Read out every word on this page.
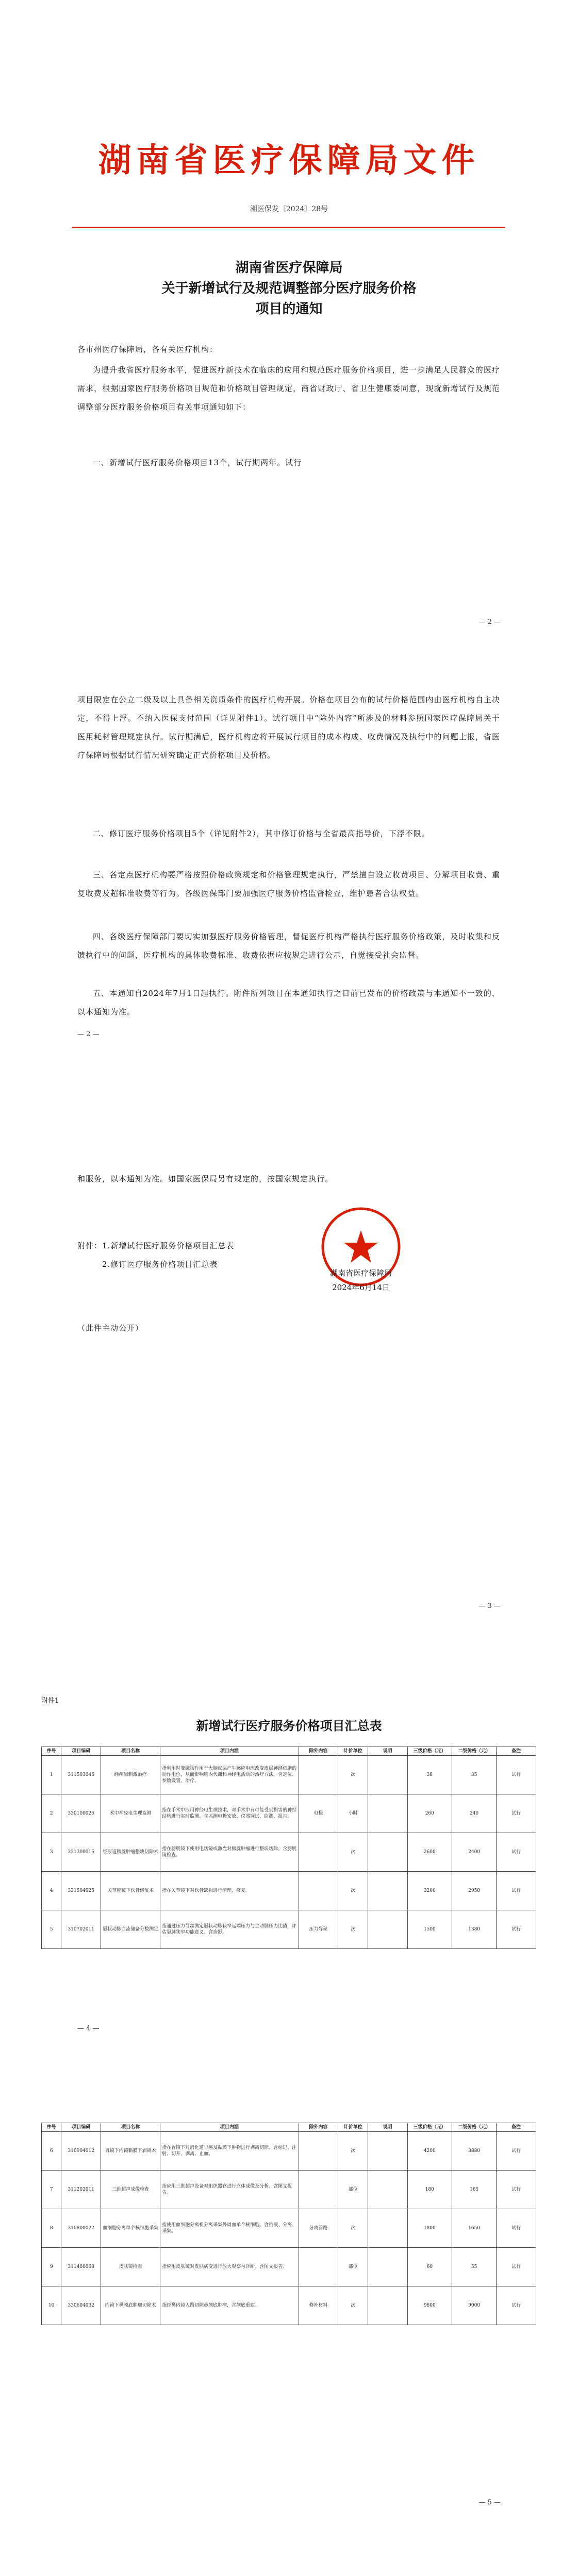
湖南省医疗保障局文件
湘医保发〔2024〕28号
湖南省医疗保障局
关于新增试行及规范调整部分医疗服务价格
项目的通知
各市州医疗保障局，各有关医疗机构：
为提升我省医疗服务水平，促进医疗新技术在临床的应用和规范医疗服务价格项目，进一步满足人民群众的医疗需求，根据国家医疗服务价格项目规范和价格项目管理规定，商省财政厅、省卫生健康委同意，现就新增试行及规范调整部分医疗服务价格项目有关事项通知如下：
一、新增试行医疗服务价格项目13个，试行期两年。试行
— 2 —
项目限定在公立二级及以上具备相关资质条件的医疗机构开展。价格在项目公布的试行价格范围内由医疗机构自主决定，不得上浮。不纳入医保支付范围（详见附件1）。试行项目中“除外内容”所涉及的材料参照国家医疗保障局关于医用耗材管理规定执行。试行期满后，医疗机构应将开展试行项目的成本构成、收费情况及执行中的问题上报，省医疗保障局根据试行情况研究确定正式价格项目及价格。
二、修订医疗服务价格项目5个（详见附件2），其中修订价格与全省最高指导价，下浮不限。
三、各定点医疗机构要严格按照价格政策规定和价格管理规定执行，严禁擅自设立收费项目、分解项目收费、重复收费及超标准收费等行为。各级医保部门要加强医疗服务价格监督检查，维护患者合法权益。
四、各级医疗保障部门要切实加强医疗服务价格管理，督促医疗机构严格执行医疗服务价格政策，及时收集和反馈执行中的问题，医疗机构的具体收费标准、收费依据应按规定进行公示，自觉接受社会监督。
五、本通知自2024年7月1日起执行。附件所列项目在本通知执行之日前已发布的价格政策与本通知不一致的，以本通知为准。
— 2 —
和服务，以本通知为准。如国家医保局另有规定的，按国家规定执行。
附件：1.新增试行医疗服务价格项目汇总表
2.修订医疗服务价格项目汇总表
湖南省医疗保障局
2024年6月14日
（此件主动公开）
— 3 —
附件1
新增试行医疗服务价格项目汇总表
序号	项目编码	项目名称	项目内涵	除外内容	计价单位	说明	三级价格（元）	二级价格（元）	备注
1	311503046	经颅磁刺激治疗	指利用时变磁场作用于大脑皮层产生感应电流改变皮层神经细胞的动作电位，从而影响脑内代谢和神经电活动的治疗方法。含定位、参数设置、治疗。		次		38	35	试行
2	330100026	术中神经电生理监测	指在手术中应用神经电生理技术，对手术中有可能受到损害的神经结构进行实时监测。含监测电极安放、仪器调试、监测、报告。	电极	小时		260	240	试行
3	331300015	经尿道膀胱肿瘤整块切除术	指在膀胱镜下使用电切镜或激光对膀胱肿瘤进行整块切除。含膀胱镜检查。		次		2600	2400	试行
4	331504025	关节腔镜下软骨修复术	指在关节镜下对软骨缺损进行清理、修复。		次		3200	2950	试行
5	310702011	冠状动脉血流储备分数测定	指通过压力导丝测定冠状动脉狭窄远端压力与主动脉压力比值，评估冠脉狭窄功能意义。含造影。	压力导丝	次		1500	1380	试行
— 4 —
序号	项目编码	项目名称	项目内涵	除外内容	计价单位	说明	三级价格（元）	二级价格（元）	备注
6	310904012	胃镜下内镜黏膜下剥离术	指在胃镜下对消化道早癌及黏膜下肿物进行剥离切除。含标记、注射、切开、剥离、止血。		次		4200	3880	试行
7	311202011	三维超声成像检查	指应用三维超声设备对组织器官进行立体成像及分析。含图文报告。		部位		180	165	试行
8	310800022	血细胞分离单个核细胞采集	指使用血细胞分离机分离采集外周血单个核细胞。含抗凝、分离、采集。	分离管路	次		1800	1650	试行
9	311400068	皮肤镜检查	指应用皮肤镜对皮肤病变进行放大观察与诊断。含图文报告。		部位		60	55	试行
10	330604032	内镜下鼻颅底肿瘤切除术	指经鼻内镜入路切除鼻颅底肿瘤，含颅底重建。	修补材料	次		9800	9000	试行
— 5 —
